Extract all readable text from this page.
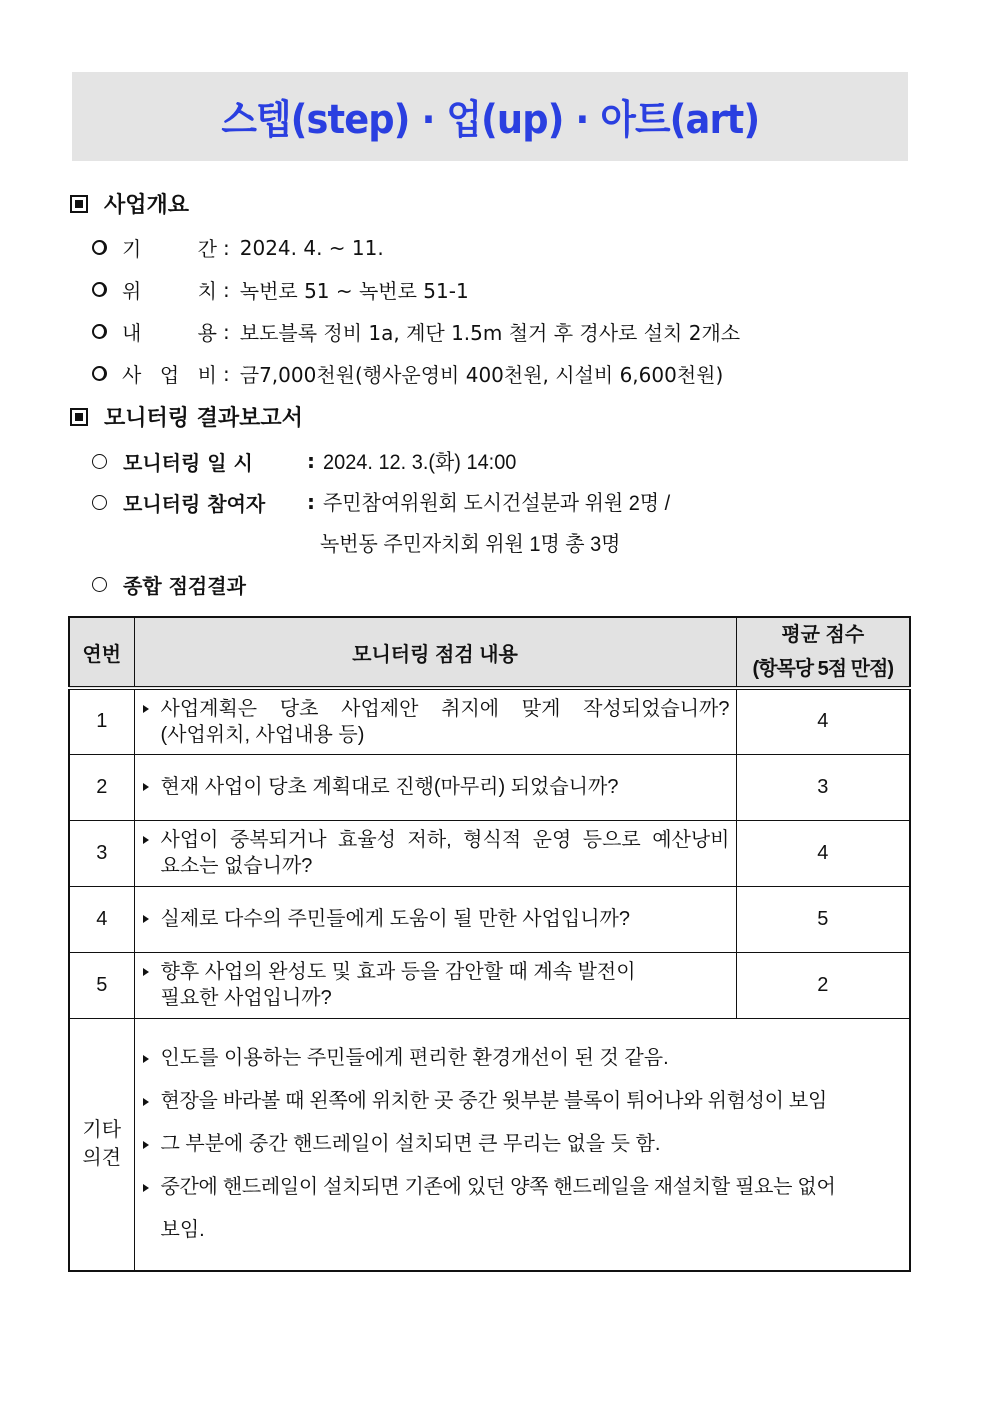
스텝(step) · 업(up) · 아트(art)
사업개요
기	간 : 2024. 4. ~ 11.
위	치 : 녹번로 51 ~ 녹번로 51-1
내	용 : 보도블록 정비 1a, 계단 1.5m 철거 후 경사로 설치 2개소
사 업 비 : 금7,000천원(행사운영비 400천원, 시설비 6,600천원)
모니터링 결과보고서
모니터링 일 시	: 2024. 12. 3.(화) 14:00
모니터링 참여자	: 주민참여위원회 도시건설분과 위원 2명 /
녹번동 주민자치회 위원 1명 총 3명
종합 점검결과
연번	모니터링 점검 내용	평균 점수
(항목당 5점 만점)

1	사업계획은 당초 사업제안 취지에 맞게 작성되었습니까?
(사업위치, 사업내용 등)	4
2	현재 사업이 당초 계획대로 진행(마무리) 되었습니까?	3
3	사업이 중복되거나 효율성 저하, 형식적 운영 등으로 예산낭비
요소는 없습니까?	4
4	실제로 다수의 주민들에게 도움이 될 만한 사업입니까?	5
5	향후 사업의 완성도 및 효과 등을 감안할 때 계속 발전이
필요한 사업입니까?	2

기타
의견

인도를 이용하는 주민들에게 편리한 환경개선이 된 것 같음.
현장을 바라볼 때 왼쪽에 위치한 곳 중간 윗부분 블록이 튀어나와 위험성이 보임
그 부분에 중간 핸드레일이 설치되면 큰 무리는 없을 듯 함.
중간에 핸드레일이 설치되면 기존에 있던 양쪽 핸드레일을 재설치할 필요는 없어
보임.
